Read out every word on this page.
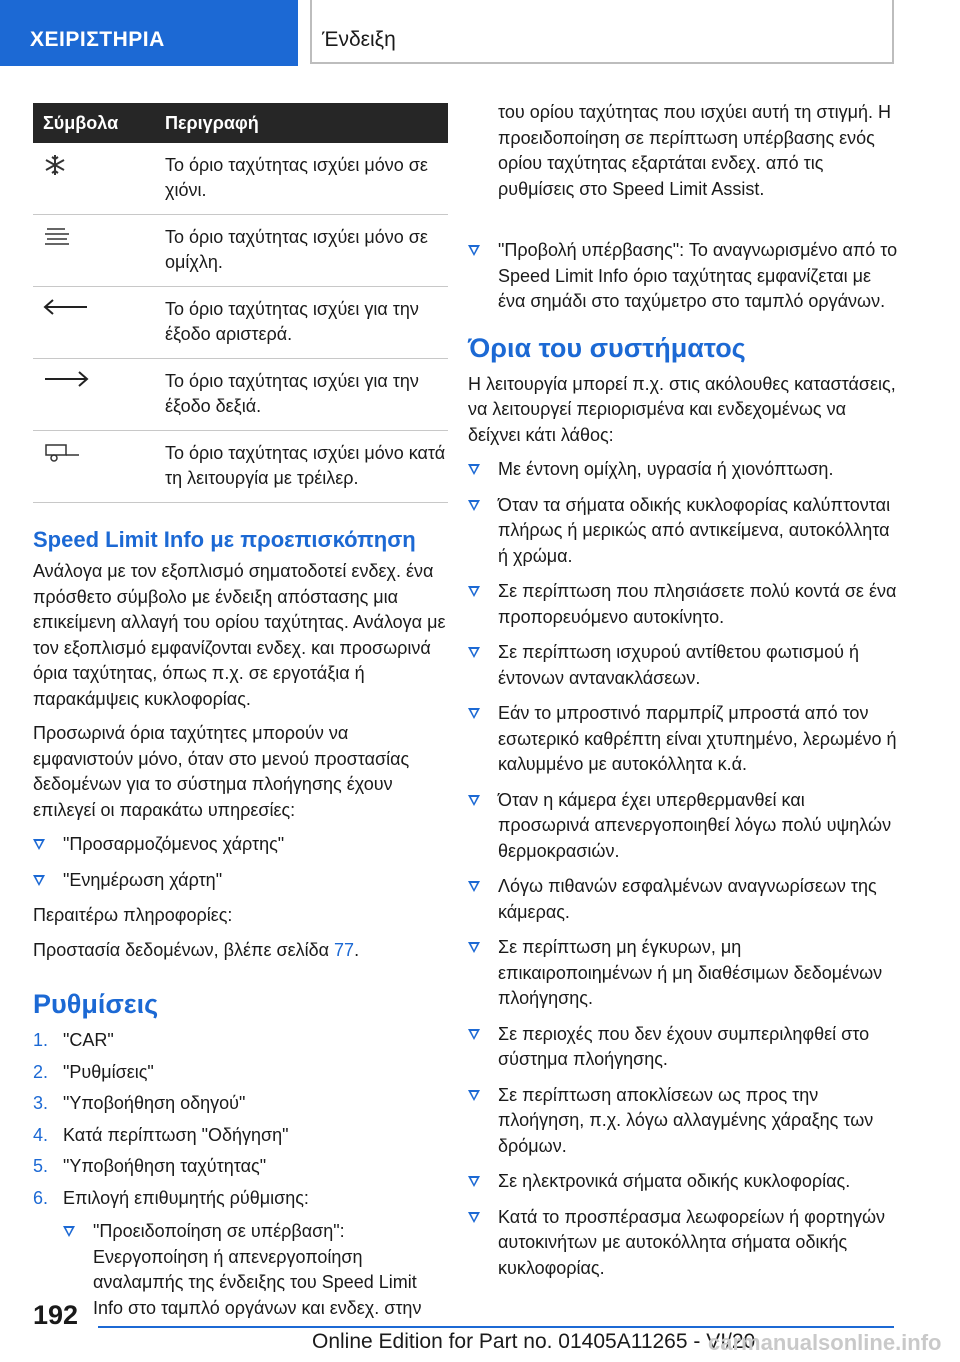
ΧΕΙΡΙΣΤΗΡΙΑ	Ένδειξη
Σύμβολα	Περιγραφή

	Το όριο ταχύτητας ισχύει μόνο σε χιόνι.

	Το όριο ταχύτητας ισχύει μόνο σε ομίχλη.

	Το όριο ταχύτητας ισχύει για την έξοδο αριστερά.

	Το όριο ταχύτητας ισχύει για την έξοδο δεξιά.

	Το όριο ταχύτητας ισχύει μόνο κατά τη λειτουργία με τρέιλερ.
Speed Limit Info με προεπισκόπηση

Ανάλογα με τον εξοπλισμό σηματοδοτεί ενδεχ. ένα πρόσθετο σύμβολο με ένδειξη απόστασης μια επικείμενη αλλαγή του ορίου ταχύτητας. Ανάλογα με τον εξοπλισμό εμφανίζονται ενδεχ. και προσωρινά όρια ταχύτητας, όπως π.χ. σε εργοτάξια ή παρακάμψεις κυκλοφορίας.

Προσωρινά όρια ταχύτητες μπορούν να εμφανιστούν μόνο, όταν στο μενού προστασίας δεδομένων για το σύστημα πλοήγησης έχουν επιλεγεί οι παρακάτω υπηρεσίες:

"Προσαρμοζόμενος χάρτης"
"Ενημέρωση χάρτη"

Περαιτέρω πληροφορίες:

Προστασία δεδομένων, βλέπε σελίδα 77.

Ρυθμίσεις
1. "CAR"
2. "Ρυθμίσεις"
3. "Υποβοήθηση οδηγού"
4. Κατά περίπτωση "Οδήγηση"
5. "Υποβοήθηση ταχύτητας"
6. Επιλογή επιθυμητής ρύθμισης:
"Προειδοποίηση σε υπέρβαση": Ενεργοποίηση ή απενεργοποίηση αναλαμπής της ένδειξης του Speed Limit Info στο ταμπλό οργάνων και ενδεχ. στην
του ορίου ταχύτητας που ισχύει αυτή τη στιγμή. Η προειδοποίηση σε περίπτωση υπέρβασης ενός ορίου ταχύτητας εξαρτάται ενδεχ. από τις ρυθμίσεις στο Speed Limit Assist.
"Προβολή υπέρβασης": Το αναγνωρισμένο από το Speed Limit Info όριο ταχύτητας εμφανίζεται με ένα σημάδι στο ταχύμετρο στο ταμπλό οργάνων.
Όρια του συστήματος

Η λειτουργία μπορεί π.χ. στις ακόλουθες καταστάσεις, να λειτουργεί περιορισμένα και ενδεχομένως να δείχνει κάτι λάθος:

Με έντονη ομίχλη, υγρασία ή χιονόπτωση.
Όταν τα σήματα οδικής κυκλοφορίας καλύπτονται πλήρως ή μερικώς από αντικείμενα, αυτοκόλλητα ή χρώμα.
Σε περίπτωση που πλησιάσετε πολύ κοντά σε ένα προπορευόμενο αυτοκίνητο.
Σε περίπτωση ισχυρού αντίθετου φωτισμού ή έντονων αντανακλάσεων.
Εάν το μπροστινό παρμπρίζ μπροστά από τον εσωτερικό καθρέπτη είναι χτυπημένο, λερωμένο ή καλυμμένο με αυτοκόλλητα κ.ά.
Όταν η κάμερα έχει υπερθερμανθεί και προσωρινά απενεργοποιηθεί λόγω πολύ υψηλών θερμοκρασιών.
Λόγω πιθανών εσφαλμένων αναγνωρίσεων της κάμερας.
Σε περίπτωση μη έγκυρων, μη επικαιροποιημένων ή μη διαθέσιμων δεδομένων πλοήγησης.
Σε περιοχές που δεν έχουν συμπεριληφθεί στο σύστημα πλοήγησης.
Σε περίπτωση αποκλίσεων ως προς την πλοήγηση, π.χ. λόγω αλλαγμένης χάραξης των δρόμων.
Σε ηλεκτρονικά σήματα οδικής κυκλοφορίας.
Κατά το προσπέρασμα λεωφορείων ή φορτηγών αυτοκινήτων με αυτοκόλλητα σήματα οδικής κυκλοφορίας.
192
Online Edition for Part no. 01405A11265 - VI/20
carmanualsonline.info
